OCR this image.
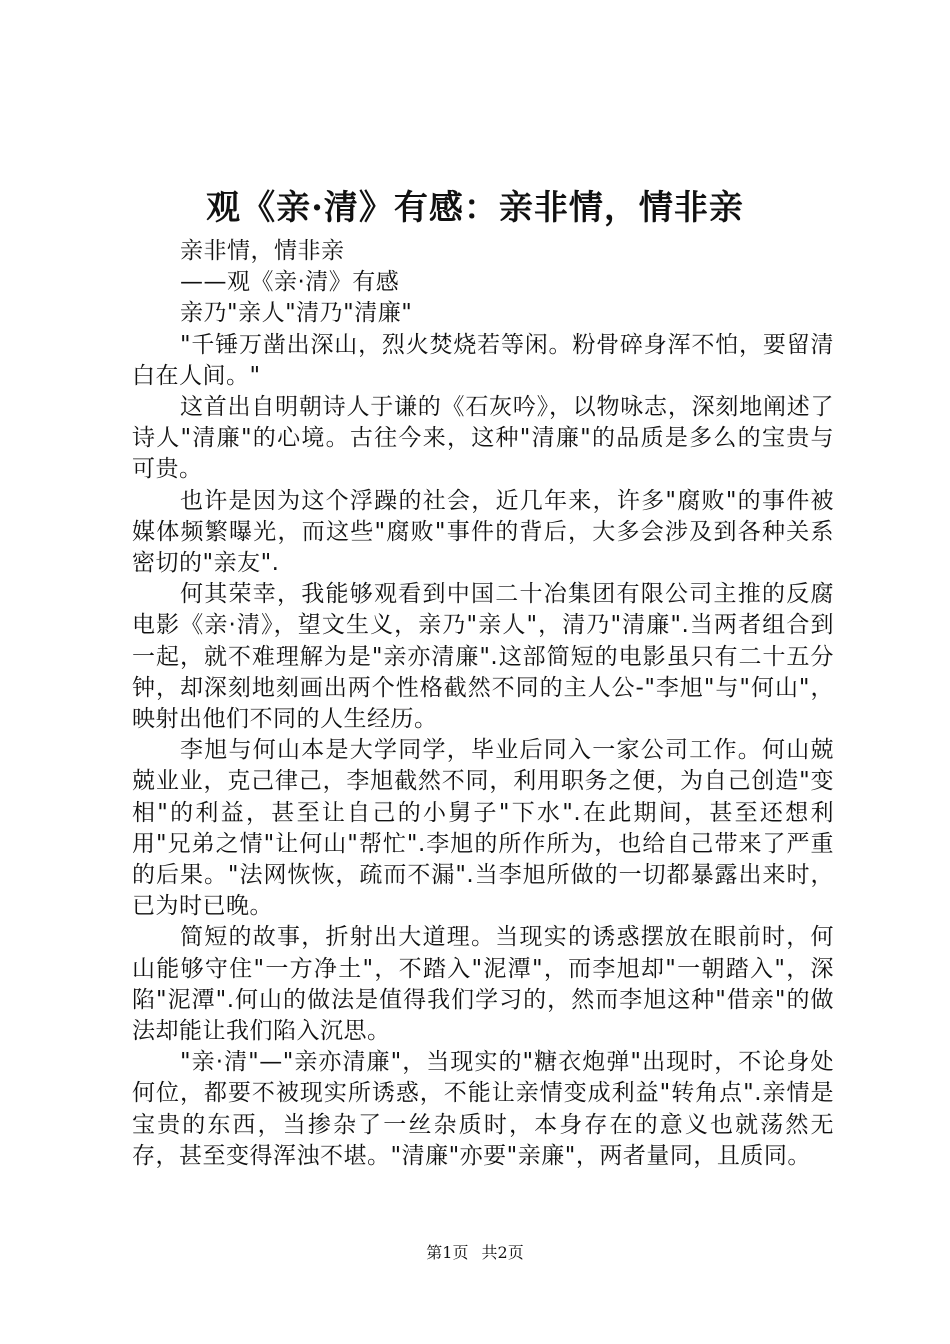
观《亲·清》有感：亲非情，情非亲

亲非情，情非亲

——观《亲·清》有感

亲乃"亲人"清乃"清廉"

"千锤万凿出深山，烈火焚烧若等闲。粉骨碎身浑不怕，要留清白在人间。"

这首出自明朝诗人于谦的《石灰吟》，以物咏志，深刻地阐述了诗人"清廉"的心境。古往今来，这种"清廉"的品质是多么的宝贵与可贵。

也许是因为这个浮躁的社会，近几年来，许多"腐败"的事件被媒体频繁曝光，而这些"腐败"事件的背后，大多会涉及到各种关系密切的"亲友".

何其荣幸，我能够观看到中国二十冶集团有限公司主推的反腐电影《亲·清》，望文生义，亲乃"亲人"，清乃"清廉".当两者组合到一起，就不难理解为是"亲亦清廉".这部简短的电影虽只有二十五分钟，却深刻地刻画出两个性格截然不同的主人公-"李旭"与"何山"，映射出他们不同的人生经历。

李旭与何山本是大学同学，毕业后同入一家公司工作。何山兢兢业业，克己律己，李旭截然不同，利用职务之便，为自己创造"变相"的利益，甚至让自己的小舅子"下水".在此期间，甚至还想利用"兄弟之情"让何山"帮忙".李旭的所作所为，也给自己带来了严重的后果。"法网恢恢，疏而不漏".当李旭所做的一切都暴露出来时，已为时已晚。

简短的故事，折射出大道理。当现实的诱惑摆放在眼前时，何山能够守住"一方净土"，不踏入"泥潭"，而李旭却"一朝踏入"，深陷"泥潭".何山的做法是值得我们学习的，然而李旭这种"借亲"的做法却能让我们陷入沉思。

"亲·清"—"亲亦清廉"，当现实的"糖衣炮弹"出现时，不论身处何位，都要不被现实所诱惑，不能让亲情变成利益"转角点".亲情是宝贵的东西，当掺杂了一丝杂质时，本身存在的意义也就荡然无存，甚至变得浑浊不堪。"清廉"亦要"亲廉"，两者量同，且质同。

第1页 共2页
